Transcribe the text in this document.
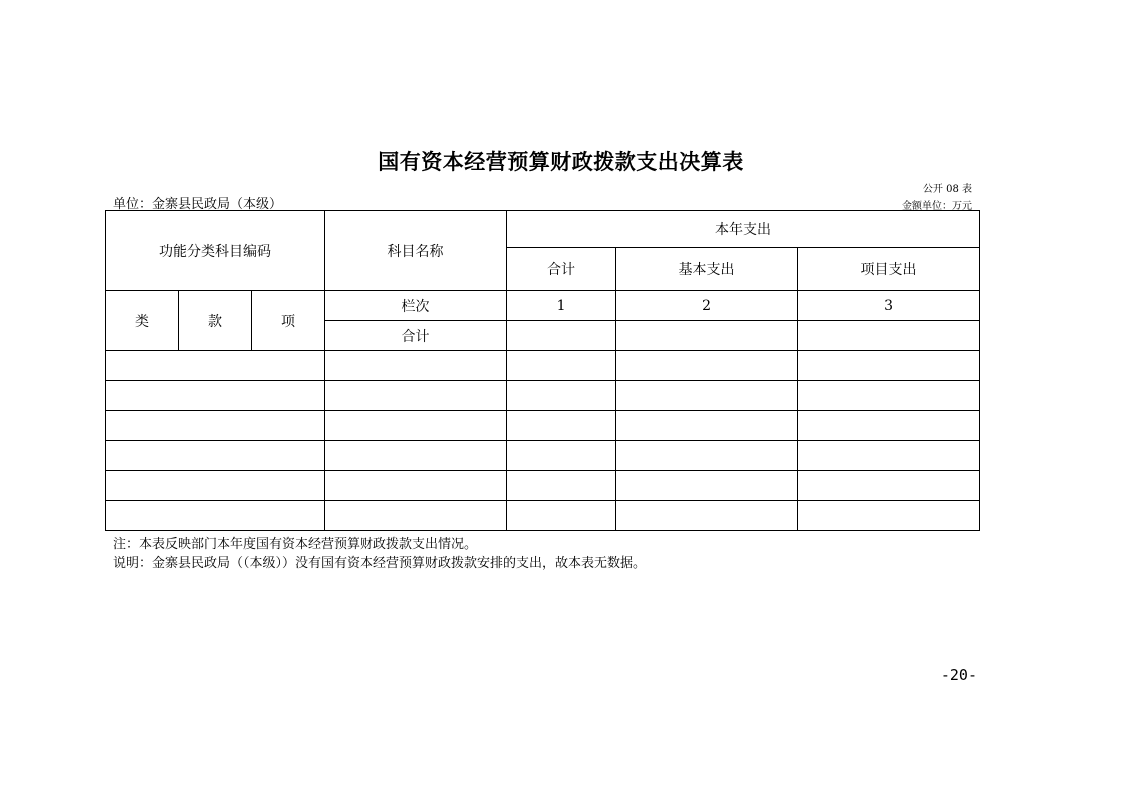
国有资本经营预算财政拨款支出决算表
公开 08 表
单位：金寨县民政局（本级）	金额单位：万元
功能分类科目编码			科目名称	本年支出		
				合计	基本支出	项目支出
类	款	项	栏次	1	2	3
			合计			

注：本表反映部门本年度国有资本经营预算财政拨款支出情况。
说明：金寨县民政局（（本级））没有国有资本经营预算财政拨款安排的支出，故本表无数据。
-20-
